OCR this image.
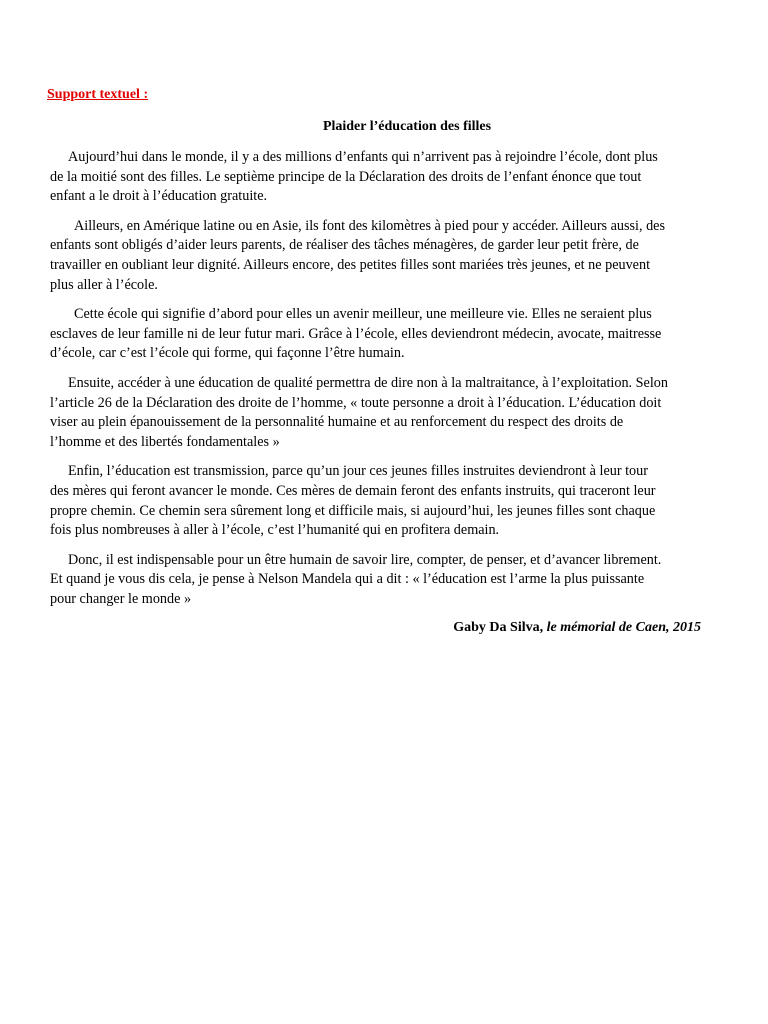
Support textuel :
Plaider l’éducation des filles

Aujourd’hui dans le monde, il y a des millions d’enfants qui n’arrivent pas à rejoindre l’école, dont plus de la moitié sont des filles. Le septième principe de la Déclaration des droits de l’enfant énonce que tout enfant a le droit à l’éducation gratuite.

Ailleurs, en Amérique latine ou en Asie, ils font des kilomètres à pied pour y accéder. Ailleurs aussi, des enfants sont obligés d’aider leurs parents, de réaliser des tâches ménagères, de garder leur petit frère, de travailler en oubliant leur dignité. Ailleurs encore, des petites filles sont mariées très jeunes, et ne peuvent plus aller à l’école.

Cette école qui signifie d’abord pour elles un avenir meilleur, une meilleure vie. Elles ne seraient plus esclaves de leur famille ni de leur futur mari. Grâce à l’école, elles deviendront médecin, avocate, maitresse d’école, car c’est l’école qui forme, qui façonne l’être humain.

Ensuite, accéder à une éducation de qualité permettra de dire non à la maltraitance, à l’exploitation. Selon l’article 26 de la Déclaration des droite de l’homme, « toute personne a droit à l’éducation. L’éducation doit viser au plein épanouissement de la personnalité humaine et au renforcement du respect des droits de l’homme et des libertés fondamentales »

Enfin, l’éducation est transmission, parce qu’un jour ces jeunes filles instruites deviendront à leur tour des mères qui feront avancer le monde. Ces mères de demain feront des enfants instruits, qui traceront leur propre chemin. Ce chemin sera sûrement long et difficile mais, si aujourd’hui, les jeunes filles sont chaque fois plus nombreuses à aller à l’école, c’est l’humanité qui en profitera demain.

Donc, il est indispensable pour un être humain de savoir lire, compter, de penser, et d’avancer librement. Et quand je vous dis cela, je pense à Nelson Mandela qui a dit : « l’éducation est l’arme la plus puissante pour changer le monde »

Gaby Da Silva, le mémorial de Caen, 2015
